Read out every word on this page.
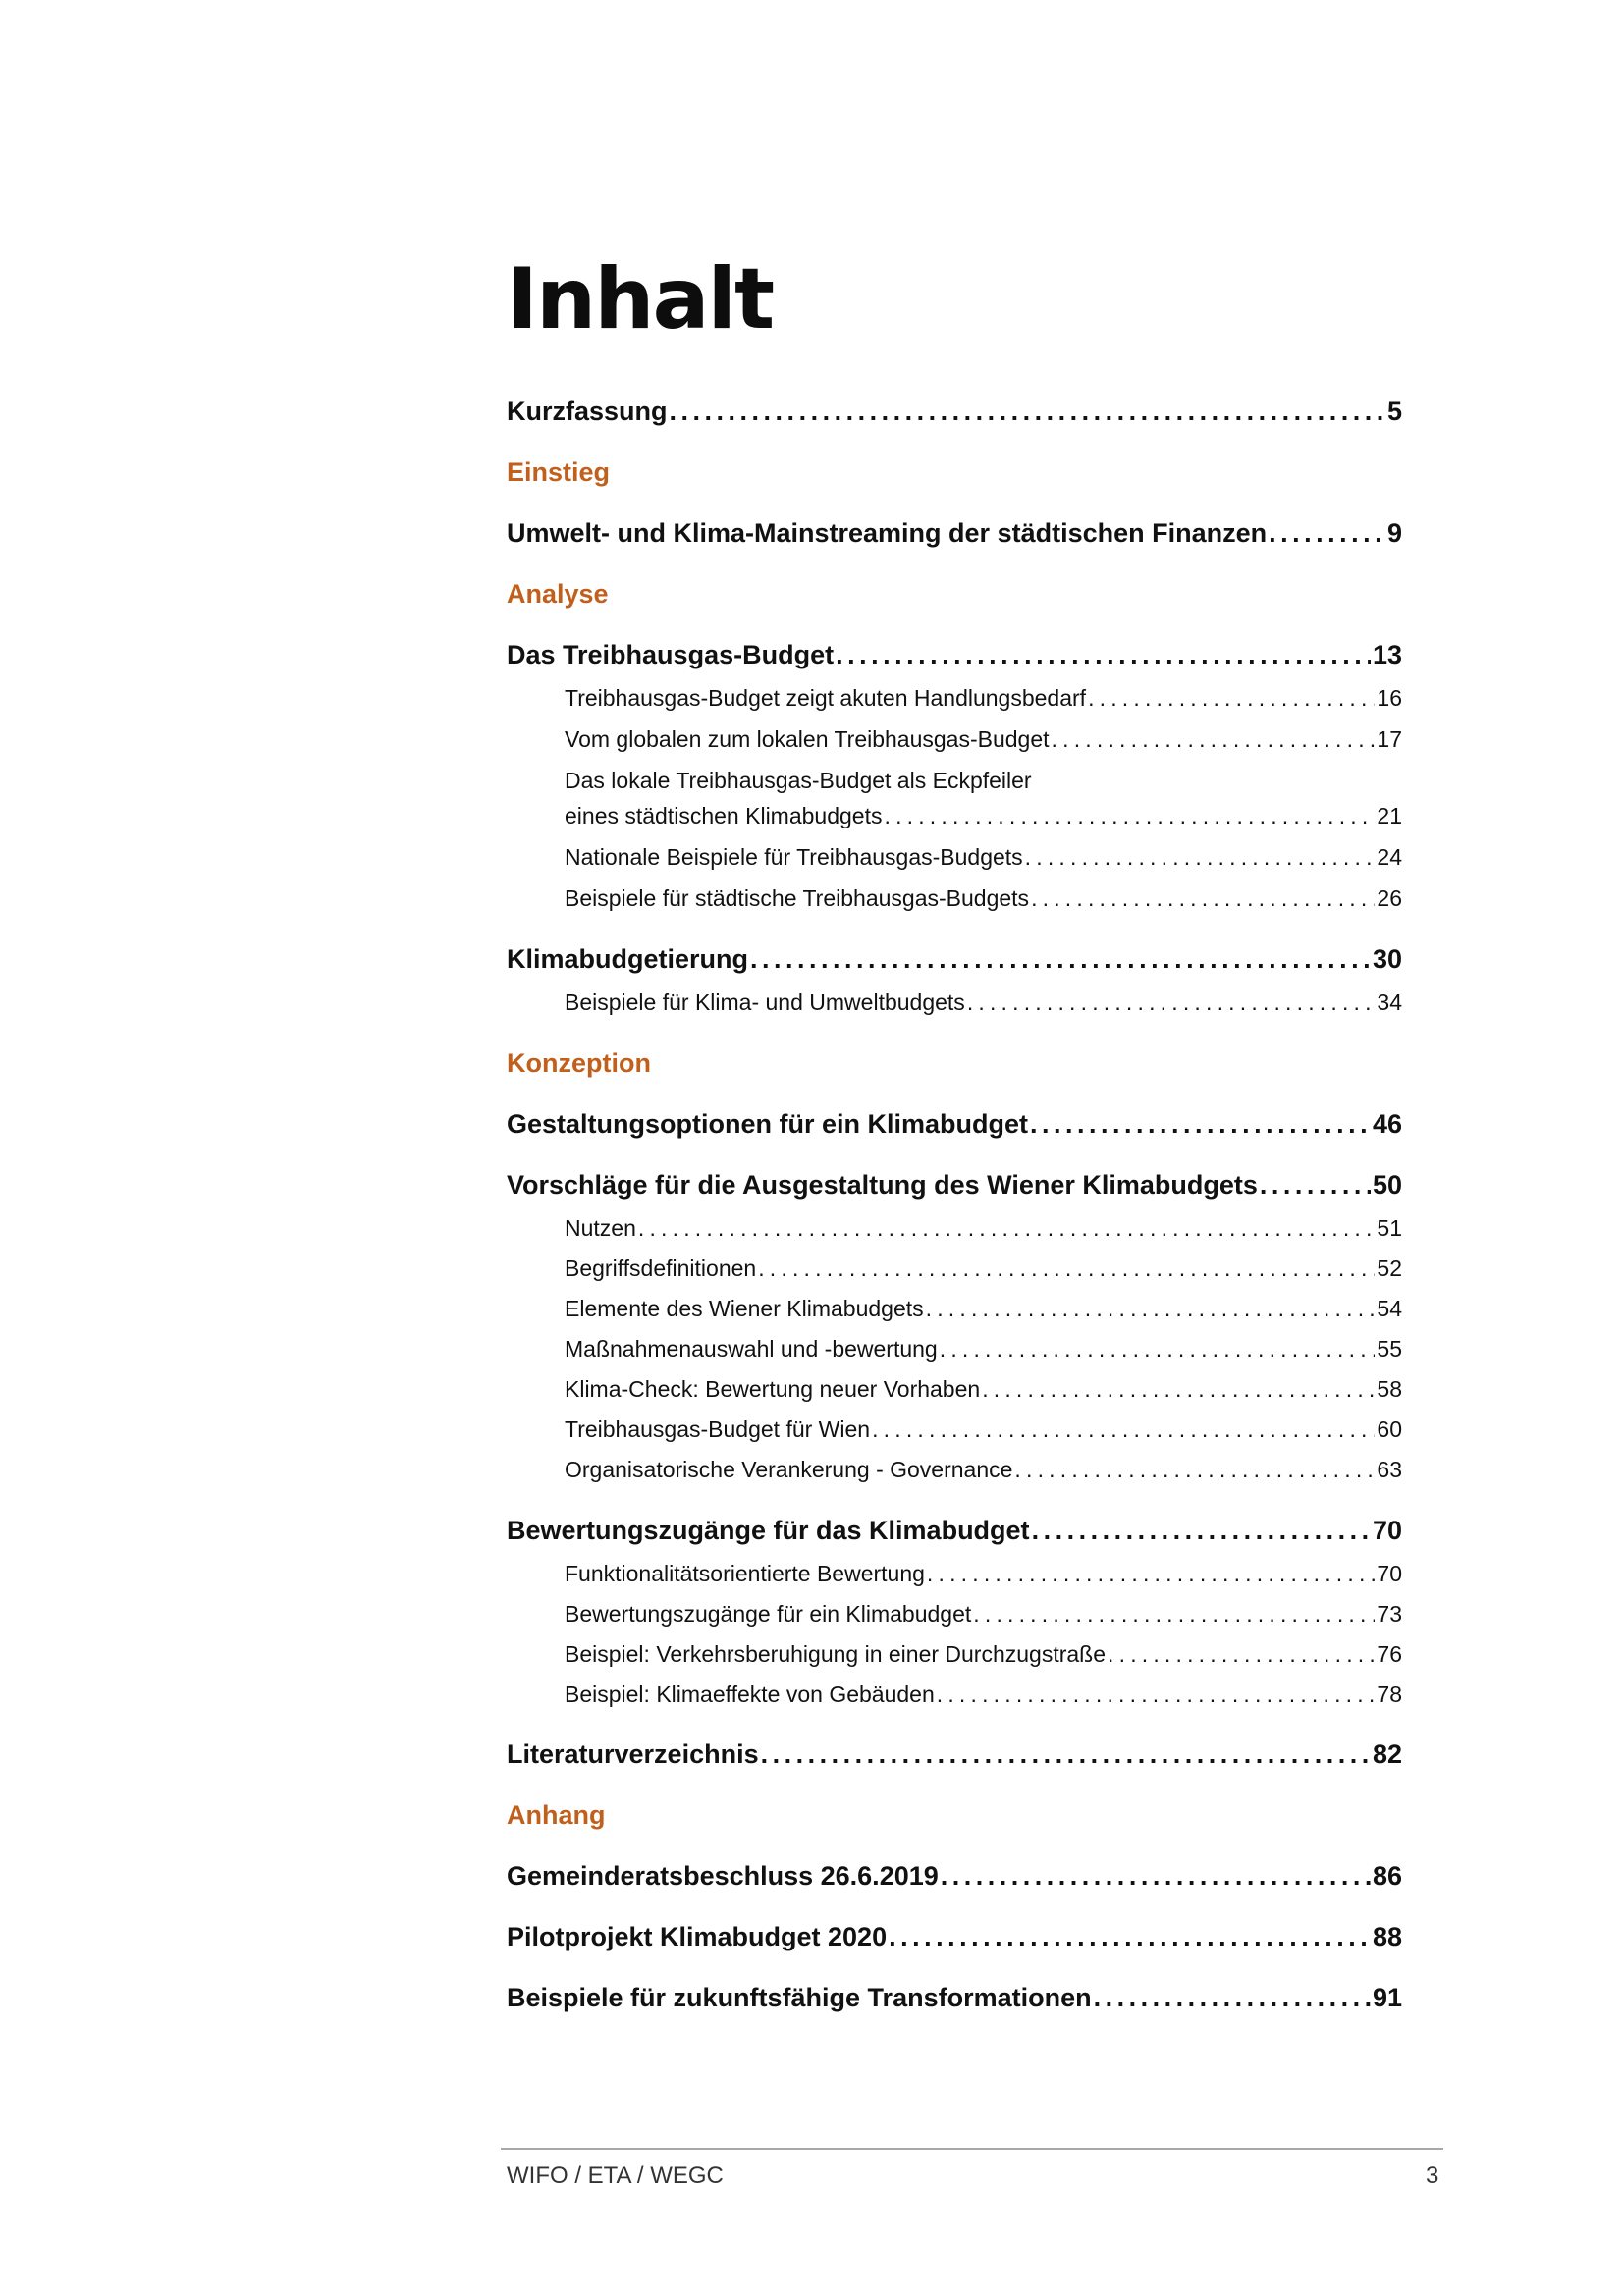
Inhalt
Kurzfassung . . .	5
Einstieg
Umwelt- und Klima-Mainstreaming der städtischen Finanzen . . .	9
Analyse
Das Treibhausgas-Budget . . .	13
Treibhausgas-Budget zeigt akuten Handlungsbedarf . . .	16
Vom globalen zum lokalen Treibhausgas-Budget . . .	17
Das lokale Treibhausgas-Budget als Eckpfeiler
eines städtischen Klimabudgets . . .	21
Nationale Beispiele für Treibhausgas-Budgets . . .	24
Beispiele für städtische Treibhausgas-Budgets . . .	26
Klimabudgetierung . . .	30
Beispiele für Klima- und Umweltbudgets . . .	34
Konzeption
Gestaltungsoptionen für ein Klimabudget . . .	46
Vorschläge für die Ausgestaltung des Wiener Klimabudgets . . .	50
Nutzen . . .	51
Begriffsdefinitionen . . .	52
Elemente des Wiener Klimabudgets . . .	54
Maßnahmenauswahl und -bewertung . . .	55
Klima-Check: Bewertung neuer Vorhaben . . .	58
Treibhausgas-Budget für Wien . . .	60
Organisatorische Verankerung - Governance . . .	63
Bewertungszugänge für das Klimabudget . . .	70
Funktionalitätsorientierte Bewertung . . .	70
Bewertungszugänge für ein Klimabudget . . .	73
Beispiel: Verkehrsberuhigung in einer Durchzugstraße . . .	76
Beispiel: Klimaeffekte von Gebäuden . . .	78
Literaturverzeichnis . . .	82
Anhang
Gemeinderatsbeschluss 26.6.2019 . . .	86
Pilotprojekt Klimabudget 2020 . . .	88
Beispiele für zukunftsfähige Transformationen . . .	91
WIFO / ETA / WEGC	3
